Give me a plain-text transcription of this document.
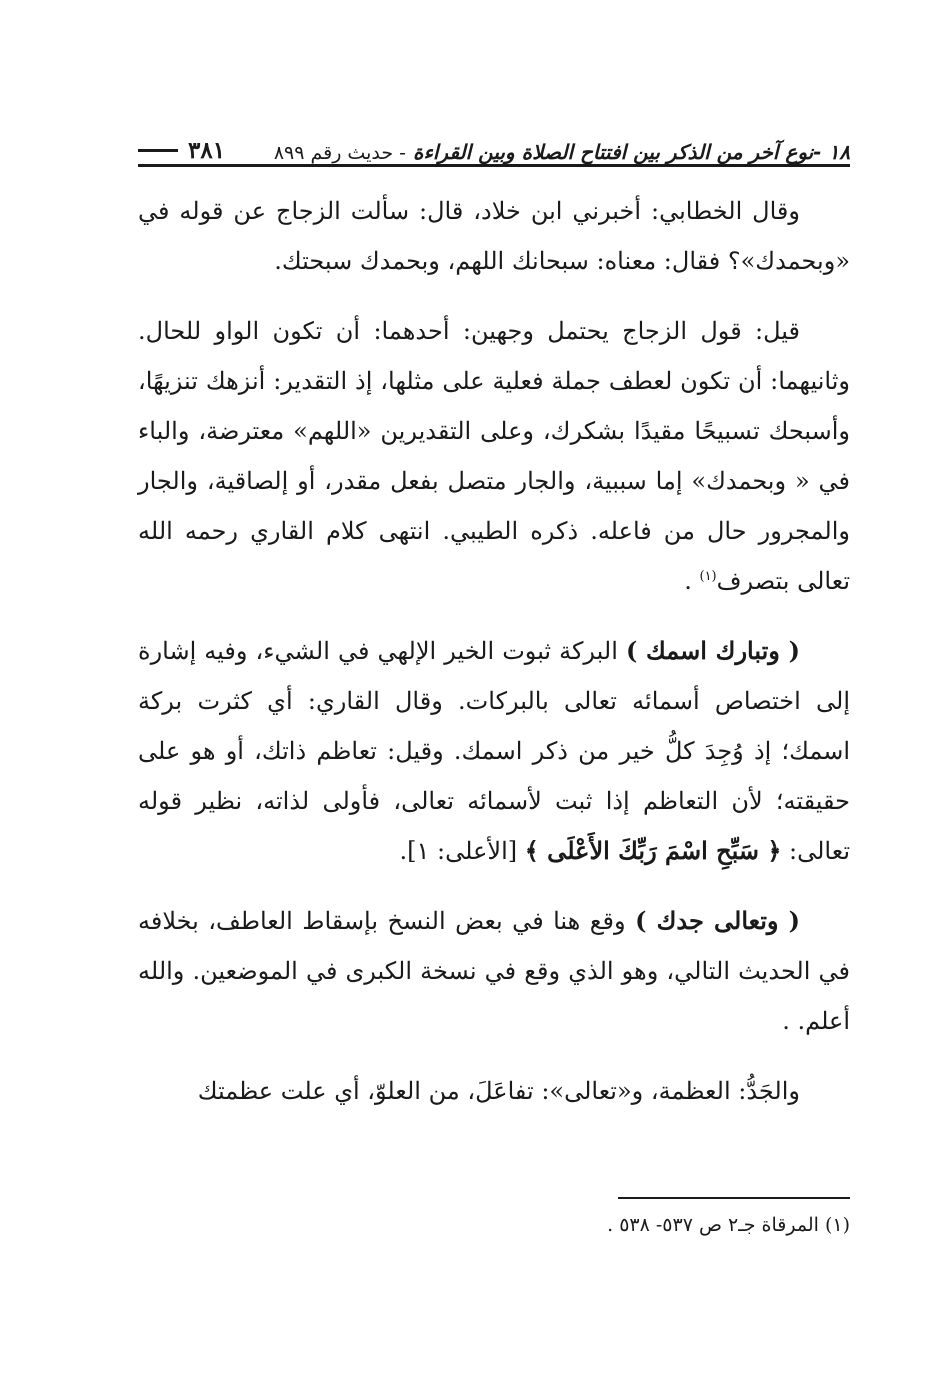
١٨ -نوع آخر من الذكر بين افتتاح الصلاة وبين القراءة - حديث رقم ٨٩٩
٣٨١

وقال الخطابي: أخبرني ابن خلاد، قال: سألت الزجاج عن قوله في «وبحمدك»؟ فقال: معناه: سبحانك اللهم، وبحمدك سبحتك.

قيل: قول الزجاج يحتمل وجهين: أحدهما: أن تكون الواو للحال. وثانيهما: أن تكون لعطف جملة فعلية على مثلها، إذ التقدير: أنزهك تنزيهًا، وأسبحك تسبيحًا مقيدًا بشكرك، وعلى التقديرين «اللهم» معترضة، والباء في « وبحمدك» إما سببية، والجار متصل بفعل مقدر، أو إلصاقية، والجار والمجرور حال من فاعله. ذكره الطيبي. انتهى كلام القاري رحمه الله تعالى بتصرف$^{(١)}$ .

( وتبارك اسمك ) البركة ثبوت الخير الإلهي في الشيء، وفيه إشارة إلى اختصاص أسمائه تعالى بالبركات. وقال القاري: أي كثرت بركة اسمك؛ إذ وُجِدَ كلُّ خير من ذكر اسمك. وقيل: تعاظم ذاتك، أو هو على حقيقته؛ لأن التعاظم إذا ثبت لأسمائه تعالى، فأولى لذاته، نظير قوله تعالى: ﴿ سَبِّحِ اسْمَ رَبِّكَ الأَعْلَى ﴾ [الأعلى: ١].

( وتعالى جدك ) وقع هنا في بعض النسخ بإسقاط العاطف، بخلافه في الحديث التالي، وهو الذي وقع في نسخة الكبرى في الموضعين. والله أعلم. .

والجَدُّ: العظمة، و«تعالى»: تفاعَلَ، من العلوّ، أي علت عظمتك

(١) المرقاة جـ٢ ص ٥٣٧- ٥٣٨ .
